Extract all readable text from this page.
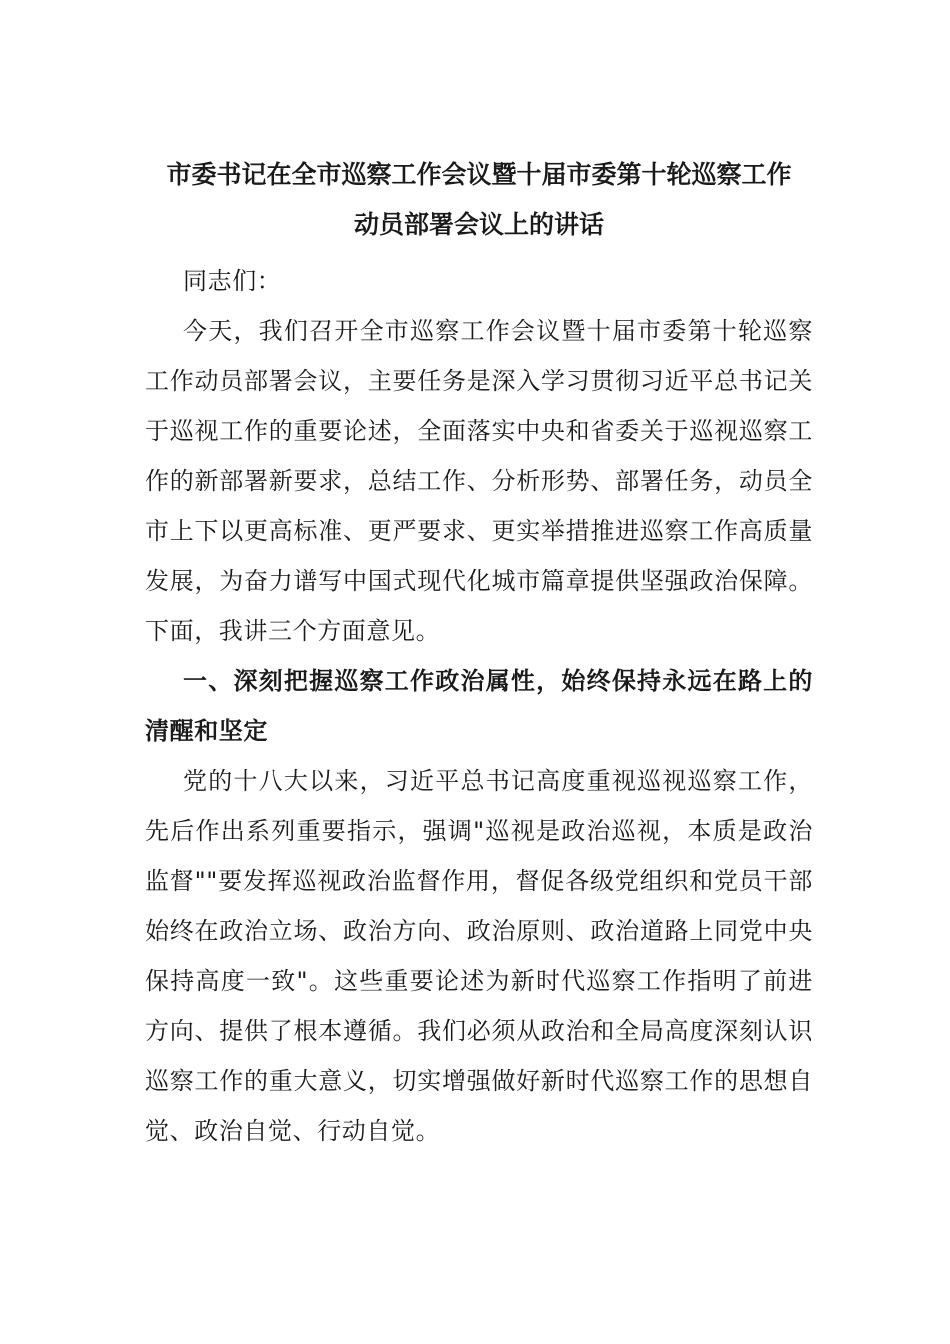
市委书记在全市巡察工作会议暨十届市委第十轮巡察工作
动员部署会议上的讲话

同志们：

今天，我们召开全市巡察工作会议暨十届市委第十轮巡察工作动员部署会议，主要任务是深入学习贯彻习近平总书记关于巡视工作的重要论述，全面落实中央和省委关于巡视巡察工作的新部署新要求，总结工作、分析形势、部署任务，动员全市上下以更高标准、更严要求、更实举措推进巡察工作高质量发展，为奋力谱写中国式现代化城市篇章提供坚强政治保障。下面，我讲三个方面意见。

一、深刻把握巡察工作政治属性，始终保持永远在路上的清醒和坚定

党的十八大以来，习近平总书记高度重视巡视巡察工作，先后作出系列重要指示，强调"巡视是政治巡视，本质是政治监督""要发挥巡视政治监督作用，督促各级党组织和党员干部始终在政治立场、政治方向、政治原则、政治道路上同党中央保持高度一致"。这些重要论述为新时代巡察工作指明了前进方向、提供了根本遵循。我们必须从政治和全局高度深刻认识巡察工作的重大意义，切实增强做好新时代巡察工作的思想自觉、政治自觉、行动自觉。
